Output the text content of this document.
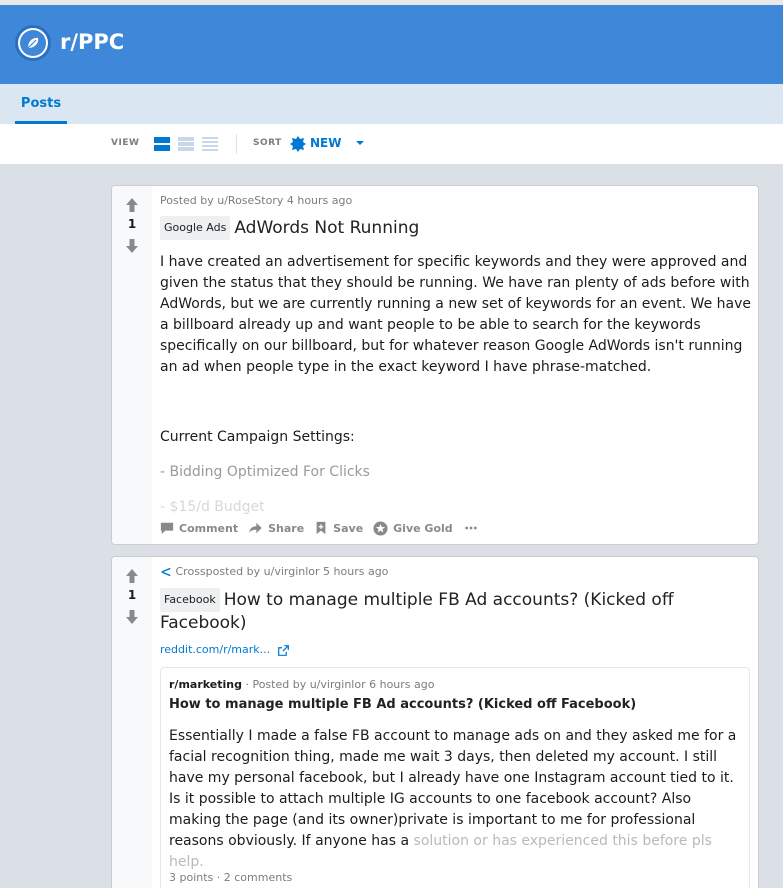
r/PPC
Posts
VIEW	SORT NEW
1
Posted by u/RoseStory 4 hours ago
Google Ads AdWords Not Running

I have created an advertisement for specific keywords and they were approved and given the status that they should be running. We have ran plenty of ads before with AdWords, but we are currently running a new set of keywords for an event. We have a billboard already up and want people to be able to search for the keywords specifically on our billboard, but for whatever reason Google AdWords isn't running an ad when people type in the exact keyword I have phrase-matched.

Current Campaign Settings:

- Bidding Optimized For Clicks

- $15/d Budget

Comment	Share	Save	Give Gold
1
Crossposted by u/virginlor 5 hours ago
Facebook How to manage multiple FB Ad accounts? (Kicked off Facebook)
reddit.com/r/mark...
r/marketing · Posted by u/virginlor 6 hours ago
How to manage multiple FB Ad accounts? (Kicked off Facebook)
Essentially I made a false FB account to manage ads on and they asked me for a facial recognition thing, made me wait 3 days, then deleted my account. I still have my personal facebook, but I already have one Instagram account tied to it. Is it possible to attach multiple IG accounts to one facebook account? Also making the page (and its owner)private is important to me for professional reasons obviously. If anyone has a solution or has experienced this before pls help.
3 points · 2 comments
